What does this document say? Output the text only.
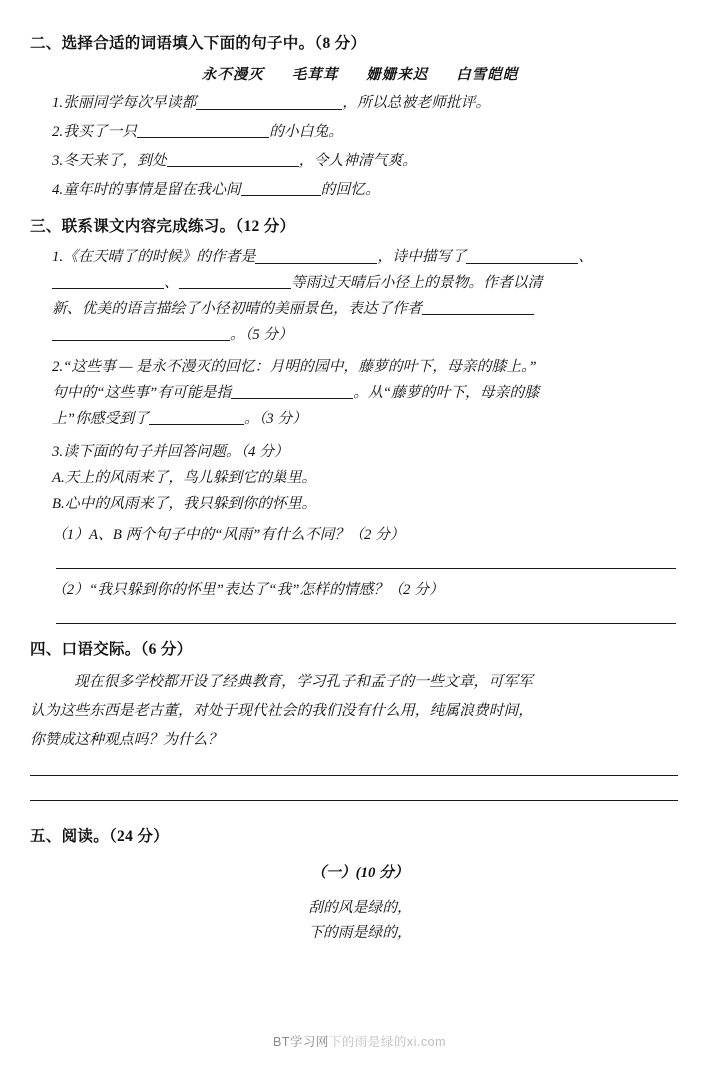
二、选择合适的词语填入下面的句子中。（8 分）
永不漫灭 毛茸茸 姗姗来迟 白雪皑皑
1.张丽同学每次早读都	，所以总被老师批评。
2.我买了一只	的小白兔。
3.冬天来了，到处	，令人神清气爽。
4.童年时的事情是留在我心间	的回忆。
三、联系课文内容完成练习。（12 分）
1.《在天晴了的时候》的作者是	，诗中描写了	、
、	等雨过天晴后小径上的景物。作者以清
新、优美的语言描绘了小径初晴的美丽景色，表达了作者
。（5 分）
2.“这些事 — 是永不漫灭的回忆：月明的园中，藤萝的叶下，母亲的膝上。”
句中的“这些事”有可能是指	。从“藤萝的叶下，母亲的膝
上”你感受到了	。（3 分）
3.读下面的句子并回答问题。（4 分）
A.天上的风雨来了，鸟儿躲到它的巢里。
B.心中的风雨来了，我只躲到你的怀里。
（1）A、B 两个句子中的“风雨”有什么不同？（2 分）
（2）“我只躲到你的怀里”表达了“我”怎样的情感？（2 分）
四、口语交际。（6 分）
现在很多学校都开设了经典教育，学习孔子和孟子的一些文章，可军军
认为这些东西是老古董，对处于现代社会的我们没有什么用，纯属浪费时间，
你赞成这种观点吗？为什么？
五、阅读。（24 分）
（一）(10 分）
刮的风是绿的，
下的雨是绿的，
BT学习网下的雨是绿的xi.com
